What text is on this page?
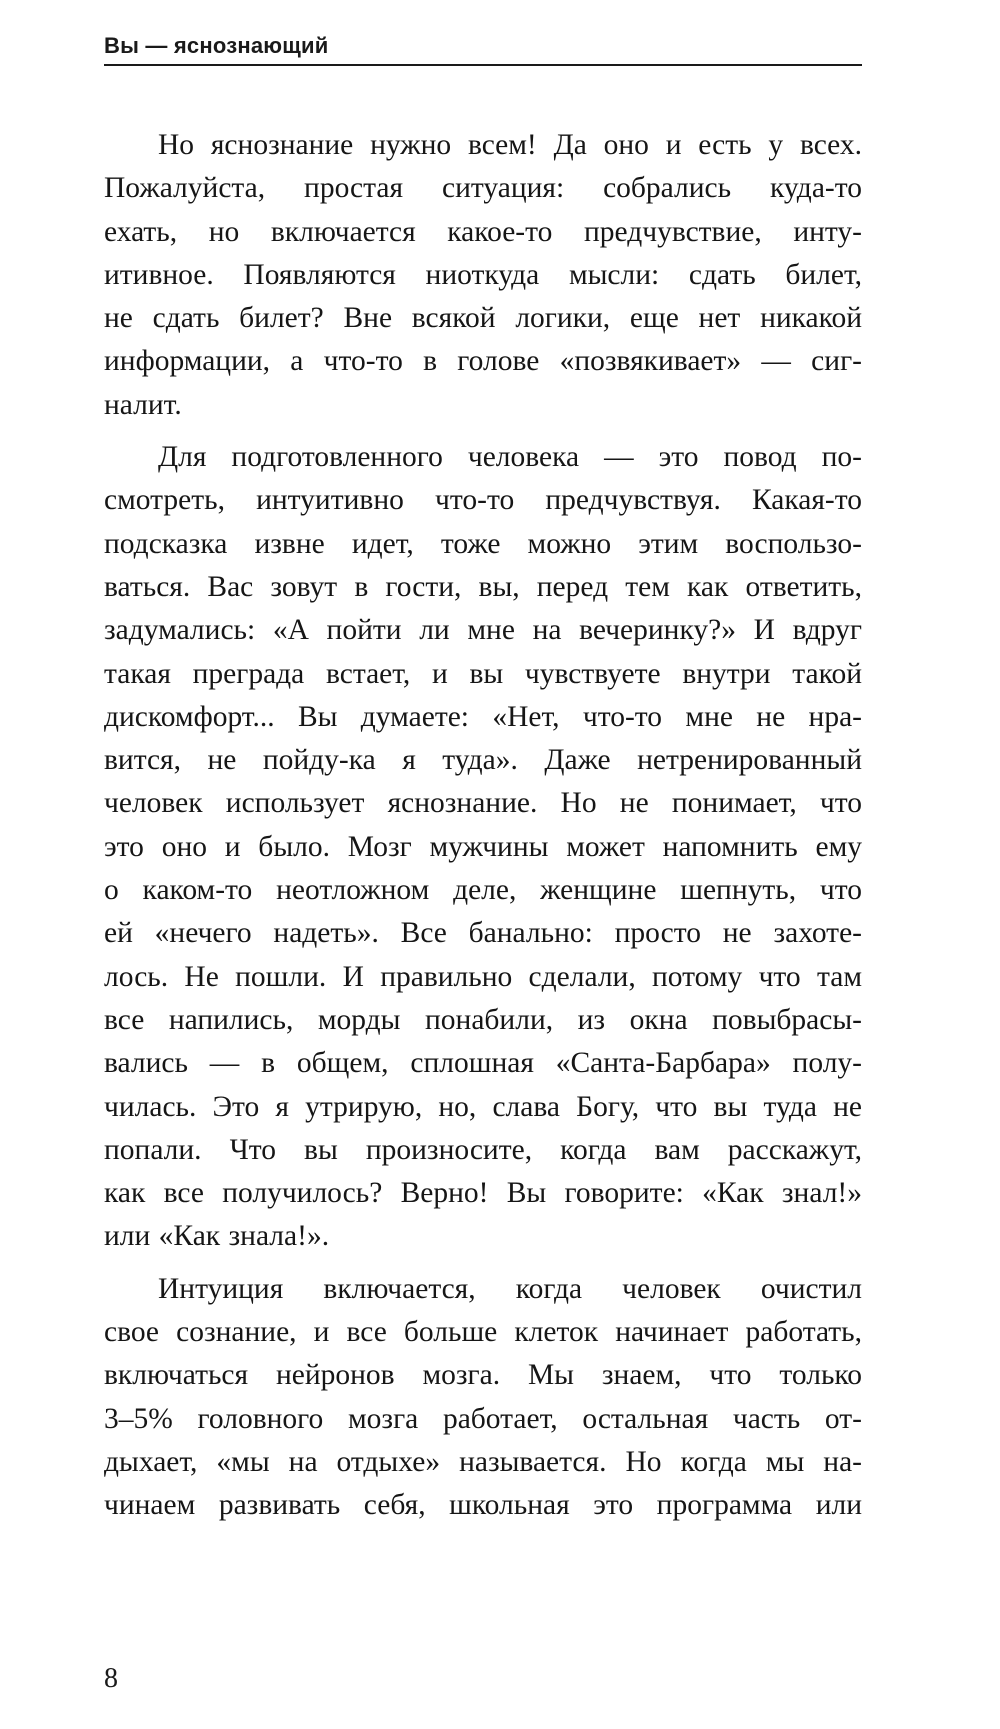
Вы — яснознающий
Но яснознание нужно всем! Да оно и есть у всех.
Пожалуйста, простая ситуация: собрались куда-то
ехать, но включается какое-то предчувствие, инту-
итивное. Появляются ниоткуда мысли: сдать билет,
не сдать билет? Вне всякой логики, еще нет никакой
информации, а что-то в голове «позвякивает» — сиг-
налит.
Для подготовленного человека — это повод по-
смотреть, интуитивно что-то предчувствуя. Какая-то
подсказка извне идет, тоже можно этим воспользо-
ваться. Вас зовут в гости, вы, перед тем как ответить,
задумались: «А пойти ли мне на вечеринку?» И вдруг
такая преграда встает, и вы чувствуете внутри такой
дискомфорт... Вы думаете: «Нет, что-то мне не нра-
вится, не пойду-ка я туда». Даже нетренированный
человек использует яснознание. Но не понимает, что
это оно и было. Мозг мужчины может напомнить ему
о каком-то неотложном деле, женщине шепнуть, что
ей «нечего надеть». Все банально: просто не захоте-
лось. Не пошли. И правильно сделали, потому что там
все напились, морды понабили, из окна повыбрасы-
вались — в общем, сплошная «Санта-Барбара» полу-
чилась. Это я утрирую, но, слава Богу, что вы туда не
попали. Что вы произносите, когда вам расскажут,
как все получилось? Верно! Вы говорите: «Как знал!»
или «Как знала!».
Интуиция включается, когда человек очистил
свое сознание, и все больше клеток начинает работать,
включаться нейронов мозга. Мы знаем, что только
3–5% головного мозга работает, остальная часть от-
дыхает, «мы на отдыхе» называется. Но когда мы на-
чинаем развивать себя, школьная это программа или
8
